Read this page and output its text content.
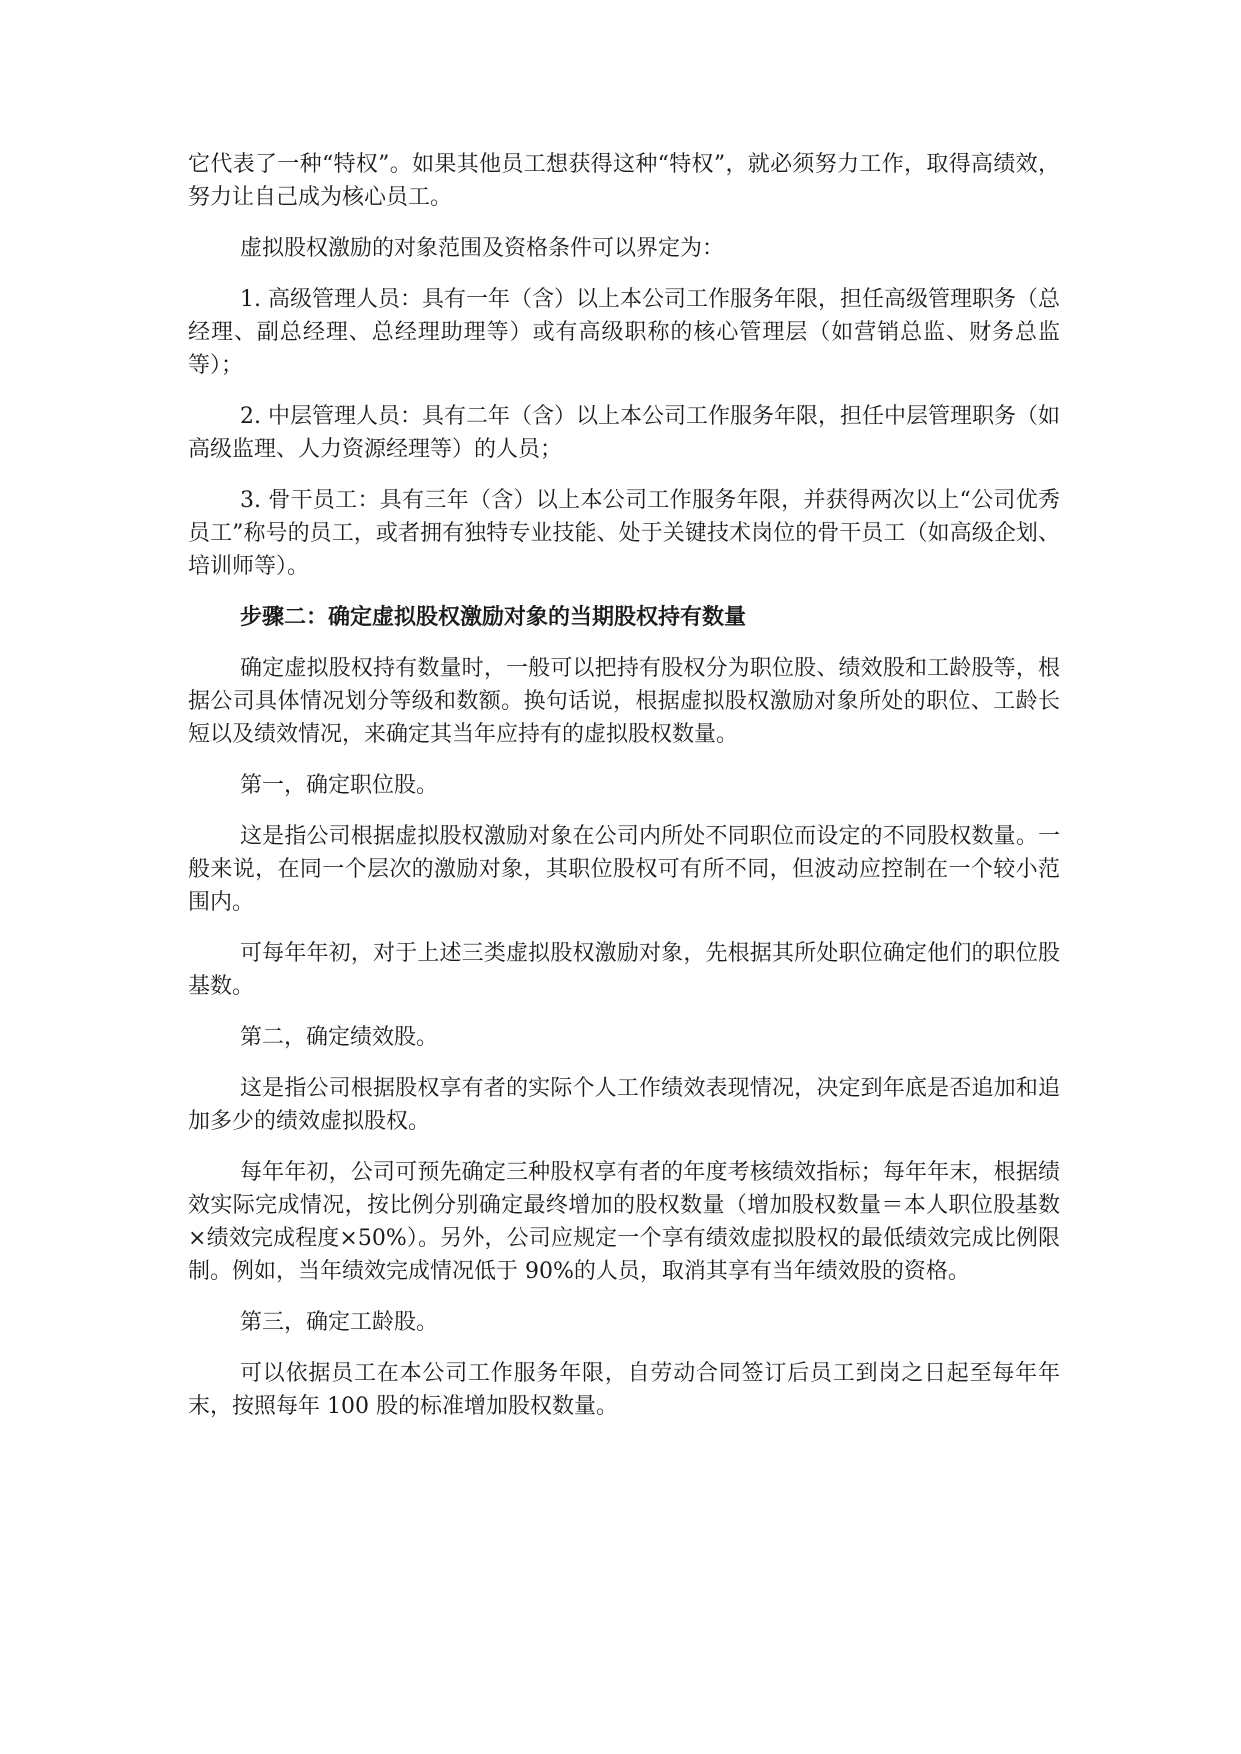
它代表了一种“特权”。如果其他员工想获得这种“特权”，就必须努力工作，取得高绩效，努力让自己成为核心员工。

虚拟股权激励的对象范围及资格条件可以界定为：

1. 高级管理人员：具有一年（含）以上本公司工作服务年限，担任高级管理职务（总经理、副总经理、总经理助理等）或有高级职称的核心管理层（如营销总监、财务总监等）；

2. 中层管理人员：具有二年（含）以上本公司工作服务年限，担任中层管理职务（如高级监理、人力资源经理等）的人员；

3. 骨干员工：具有三年（含）以上本公司工作服务年限，并获得两次以上“公司优秀员工”称号的员工，或者拥有独特专业技能、处于关键技术岗位的骨干员工（如高级企划、培训师等）。

步骤二：确定虚拟股权激励对象的当期股权持有数量

确定虚拟股权持有数量时，一般可以把持有股权分为职位股、绩效股和工龄股等，根据公司具体情况划分等级和数额。换句话说，根据虚拟股权激励对象所处的职位、工龄长短以及绩效情况，来确定其当年应持有的虚拟股权数量。

第一，确定职位股。

这是指公司根据虚拟股权激励对象在公司内所处不同职位而设定的不同股权数量。一般来说，在同一个层次的激励对象，其职位股权可有所不同，但波动应控制在一个较小范围内。

可每年年初，对于上述三类虚拟股权激励对象，先根据其所处职位确定他们的职位股基数。

第二，确定绩效股。

这是指公司根据股权享有者的实际个人工作绩效表现情况，决定到年底是否追加和追加多少的绩效虚拟股权。

每年年初，公司可预先确定三种股权享有者的年度考核绩效指标；每年年末，根据绩效实际完成情况，按比例分别确定最终增加的股权数量（增加股权数量＝本人职位股基数×绩效完成程度×50%）。另外，公司应规定一个享有绩效虚拟股权的最低绩效完成比例限制。例如，当年绩效完成情况低于 90%的人员，取消其享有当年绩效股的资格。

第三，确定工龄股。

可以依据员工在本公司工作服务年限，自劳动合同签订后员工到岗之日起至每年年末，按照每年 100 股的标准增加股权数量。
